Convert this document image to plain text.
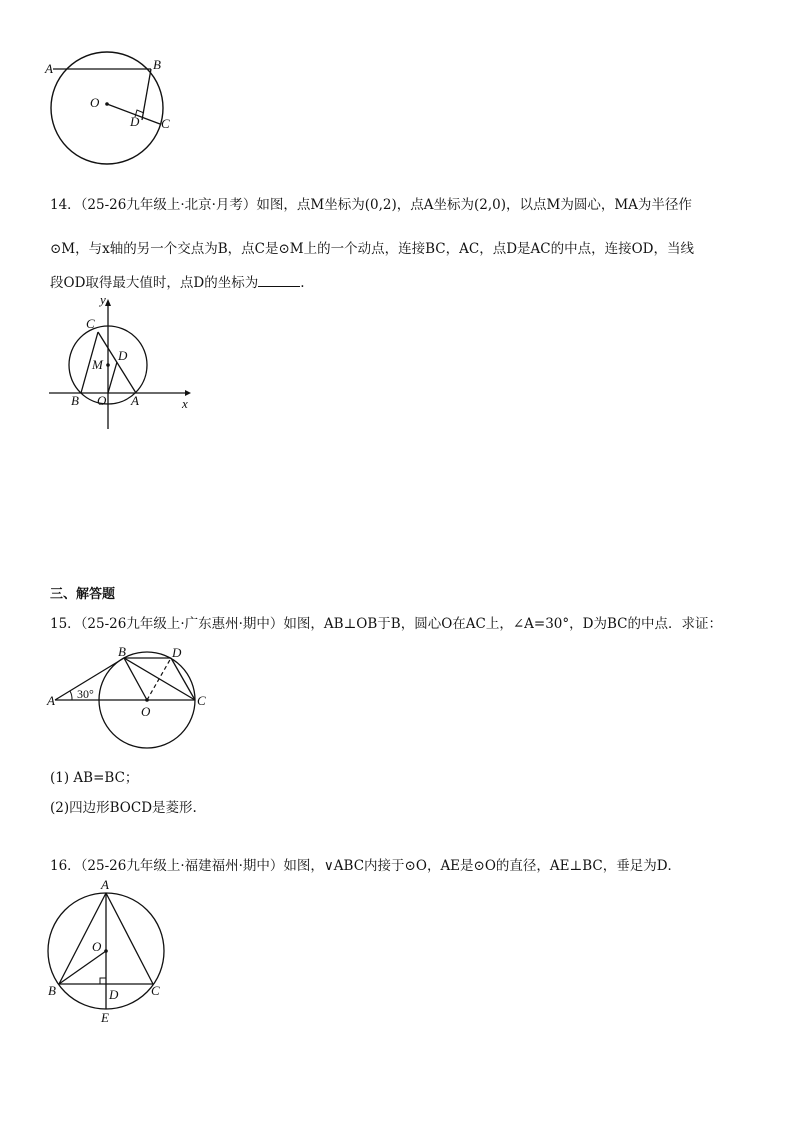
A	B
O
D C
14．（25-26九年级上·北京·月考）如图，点M坐标为(0,2)，点A坐标为(2,0)，以点M为圆心，MA为半径作
⊙M，与x轴的另一个交点为B，点C是⊙M上的一个动点，连接BC，AC，点D是AC的中点，连接OD，当线
段OD取得最大值时，点D的坐标为	.
y
x
C
D
M
B O A
三、解答题
15．（25-26九年级上·广东惠州·期中）如图，AB⊥OB于B，圆心O在AC上，∠A=30°，D为BC的中点．求证：
A
B	D
O
C
30°
(1) AB=BC；
(2)四边形BOCD是菱形.
16．（25-26九年级上·福建福州·期中）如图，∨ABC内接于⊙O，AE是⊙O的直径，AE⊥BC，垂足为D．
A
O
B	C
D
E
